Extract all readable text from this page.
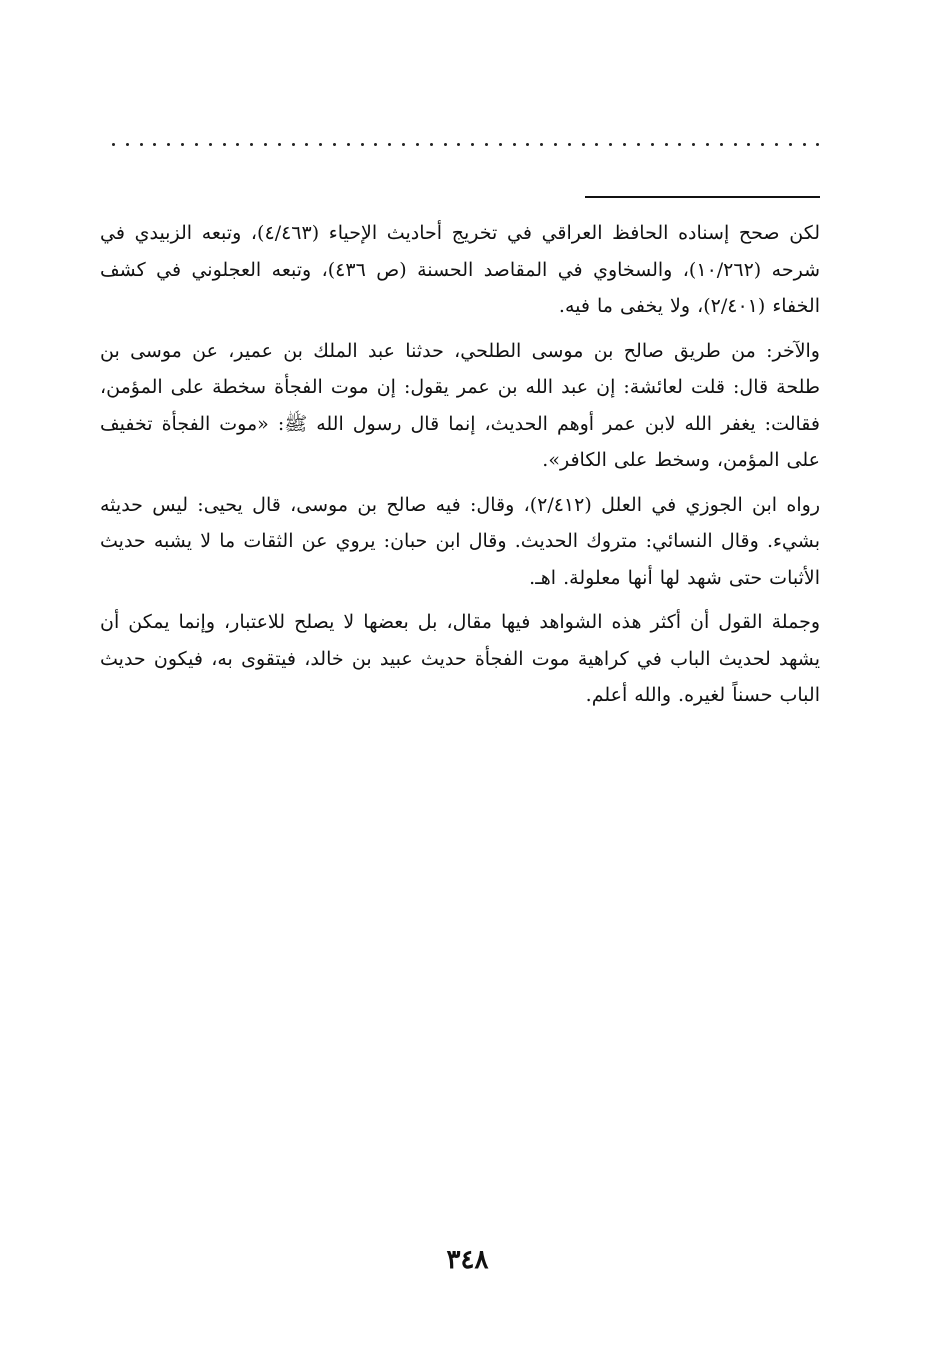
لكن صحح إسناده الحافظ العراقي في تخريج أحاديث الإحياء (٤/٤٦٣)، وتبعه الزبيدي في شرحه (١٠/٢٦٢)، والسخاوي في المقاصد الحسنة (ص ٤٣٦)، وتبعه العجلوني في كشف الخفاء (٢/٤٠١)، ولا يخفى ما فيه.

والآخر: من طريق صالح بن موسى الطلحي، حدثنا عبد الملك بن عمير، عن موسى بن طلحة قال: قلت لعائشة: إن عبد الله بن عمر يقول: إن موت الفجأة سخطة على المؤمن، فقالت: يغفر الله لابن عمر أوهم الحديث، إنما قال رسول الله ﷺ: «موت الفجأة تخفيف على المؤمن، وسخط على الكافر».

رواه ابن الجوزي في العلل (٢/٤١٢)، وقال: فيه صالح بن موسى، قال يحيى: ليس حديثه بشيء. وقال النسائي: متروك الحديث. وقال ابن حبان: يروي عن الثقات ما لا يشبه حديث الأثبات حتى شهد لها أنها معلولة. اهـ.

وجملة القول أن أكثر هذه الشواهد فيها مقال، بل بعضها لا يصلح للاعتبار، وإنما يمكن أن يشهد لحديث الباب في كراهية موت الفجأة حديث عبيد بن خالد، فيتقوى به، فيكون حديث الباب حسناً لغيره. والله أعلم.

٣٤٨
